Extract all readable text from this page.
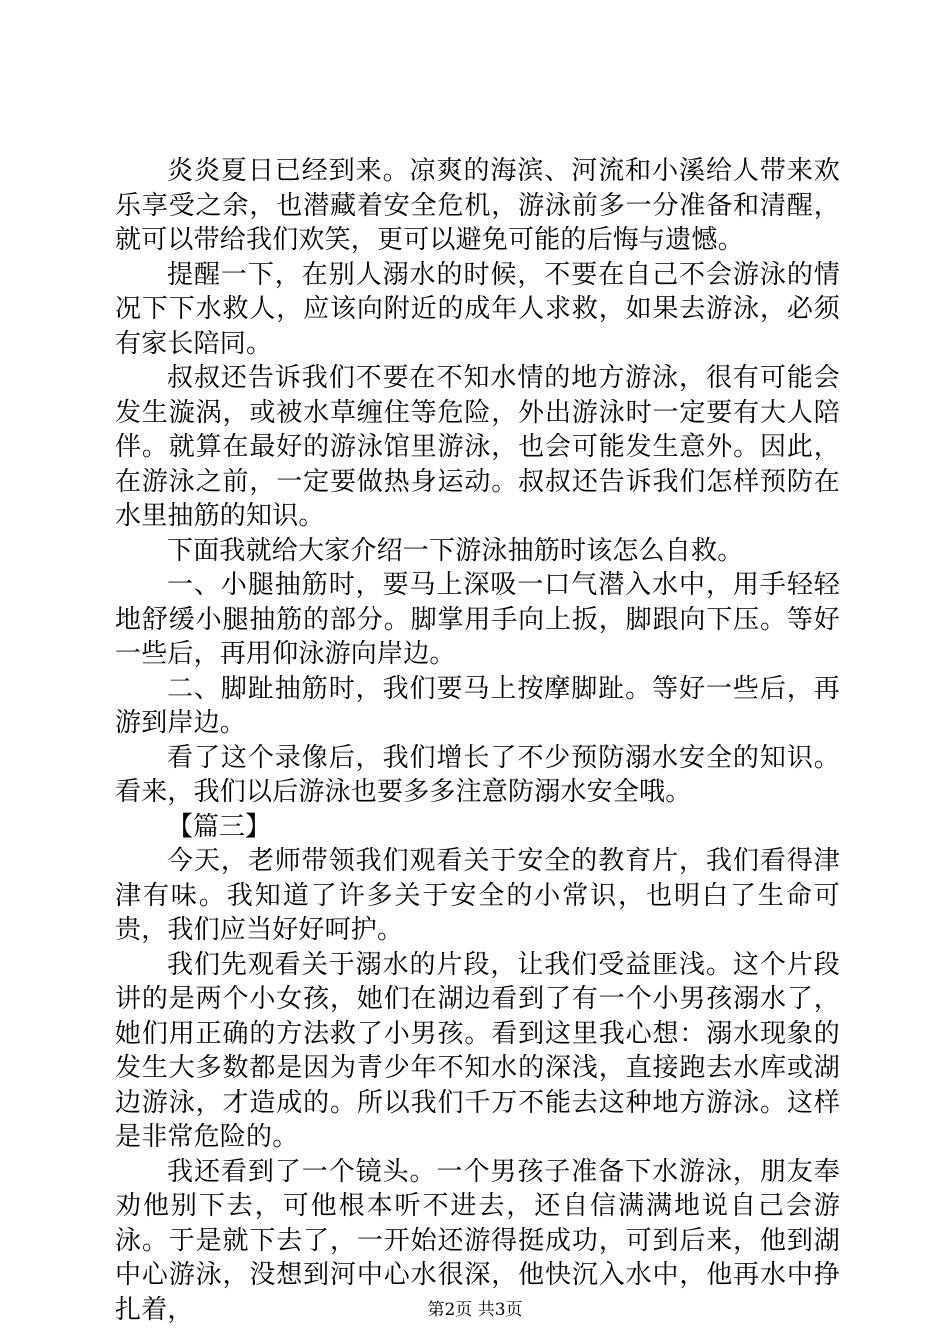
炎炎夏日已经到来。凉爽的海滨、河流和小溪给人带来欢乐享受之余，也潜藏着安全危机，游泳前多一分准备和清醒，就可以带给我们欢笑，更可以避免可能的后悔与遗憾。

提醒一下，在别人溺水的时候，不要在自己不会游泳的情况下下水救人，应该向附近的成年人求救，如果去游泳，必须有家长陪同。

叔叔还告诉我们不要在不知水情的地方游泳，很有可能会发生漩涡，或被水草缠住等危险，外出游泳时一定要有大人陪伴。就算在最好的游泳馆里游泳，也会可能发生意外。因此，在游泳之前，一定要做热身运动。叔叔还告诉我们怎样预防在水里抽筋的知识。

下面我就给大家介绍一下游泳抽筋时该怎么自救。

一、小腿抽筋时，要马上深吸一口气潜入水中，用手轻轻地舒缓小腿抽筋的部分。脚掌用手向上扳，脚跟向下压。等好一些后，再用仰泳游向岸边。

二、脚趾抽筋时，我们要马上按摩脚趾。等好一些后，再游到岸边。

看了这个录像后，我们增长了不少预防溺水安全的知识。看来，我们以后游泳也要多多注意防溺水安全哦。

【篇三】

今天，老师带领我们观看关于安全的教育片，我们看得津津有味。我知道了许多关于安全的小常识，也明白了生命可贵，我们应当好好呵护。

我们先观看关于溺水的片段，让我们受益匪浅。这个片段讲的是两个小女孩，她们在湖边看到了有一个小男孩溺水了，她们用正确的方法救了小男孩。看到这里我心想：溺水现象的发生大多数都是因为青少年不知水的深浅，直接跑去水库或湖边游泳，才造成的。所以我们千万不能去这种地方游泳。这样是非常危险的。

我还看到了一个镜头。一个男孩子准备下水游泳，朋友奉劝他别下去，可他根本听不进去，还自信满满地说自己会游泳。于是就下去了，一开始还游得挺成功，可到后来，他到湖中心游泳，没想到河中心水很深，他快沉入水中，他再水中挣扎着，	第2页 共3页
